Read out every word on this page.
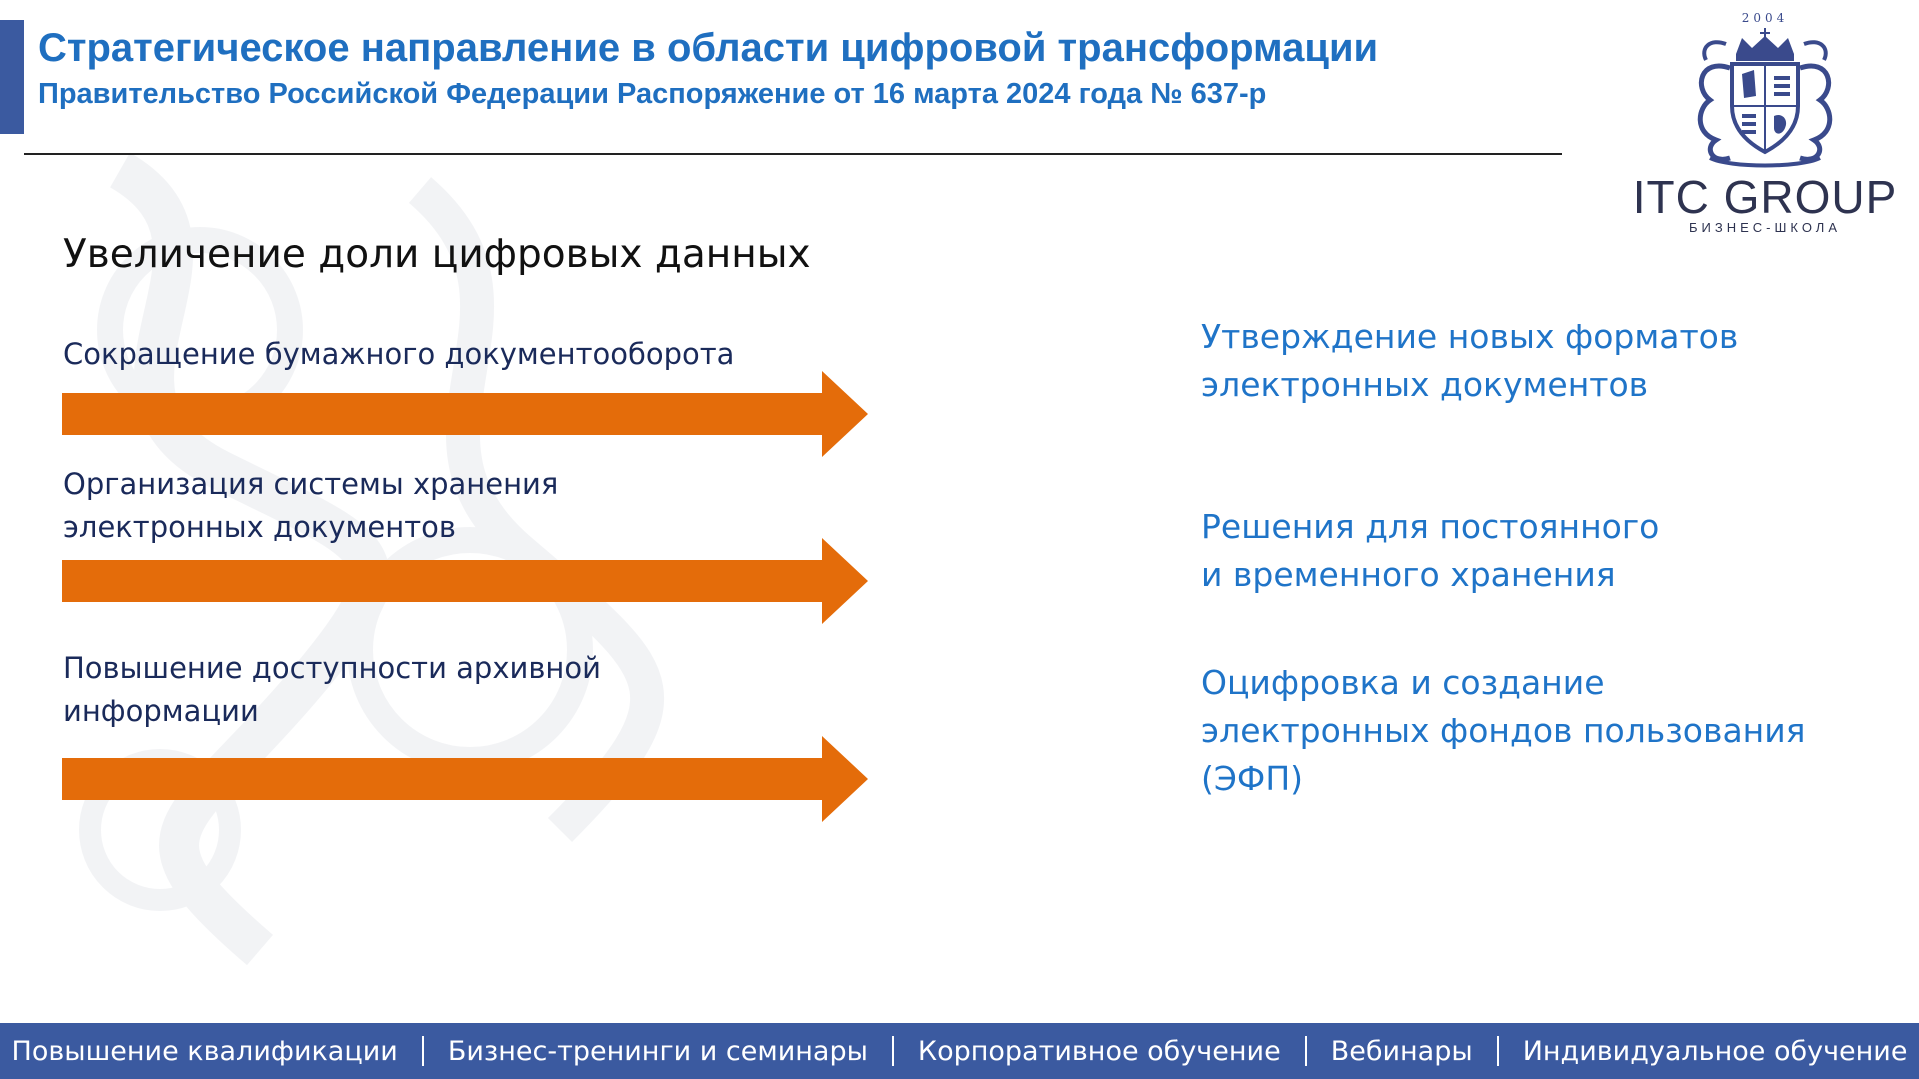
Стратегическое направление в области цифровой трансформации
Правительство Российской Федерации Распоряжение от 16 марта 2024 года № 637-р
2004
ITC GROUP
БИЗНЕС-ШКОЛА
Увеличение доли цифровых данных
Сокращение бумажного документооборота	Утверждение новых форматов
электронных документов
Организация системы хранения
электронных документов	Решения для постоянного
и временного хранения
Повышение доступности архивной
информации
Оцифровка и создание
электронных фондов пользования
(ЭФП)
Повышение квалификации Бизнес-тренинги и семинары Корпоративное обучение Вебинары Индивидуальное обучение
